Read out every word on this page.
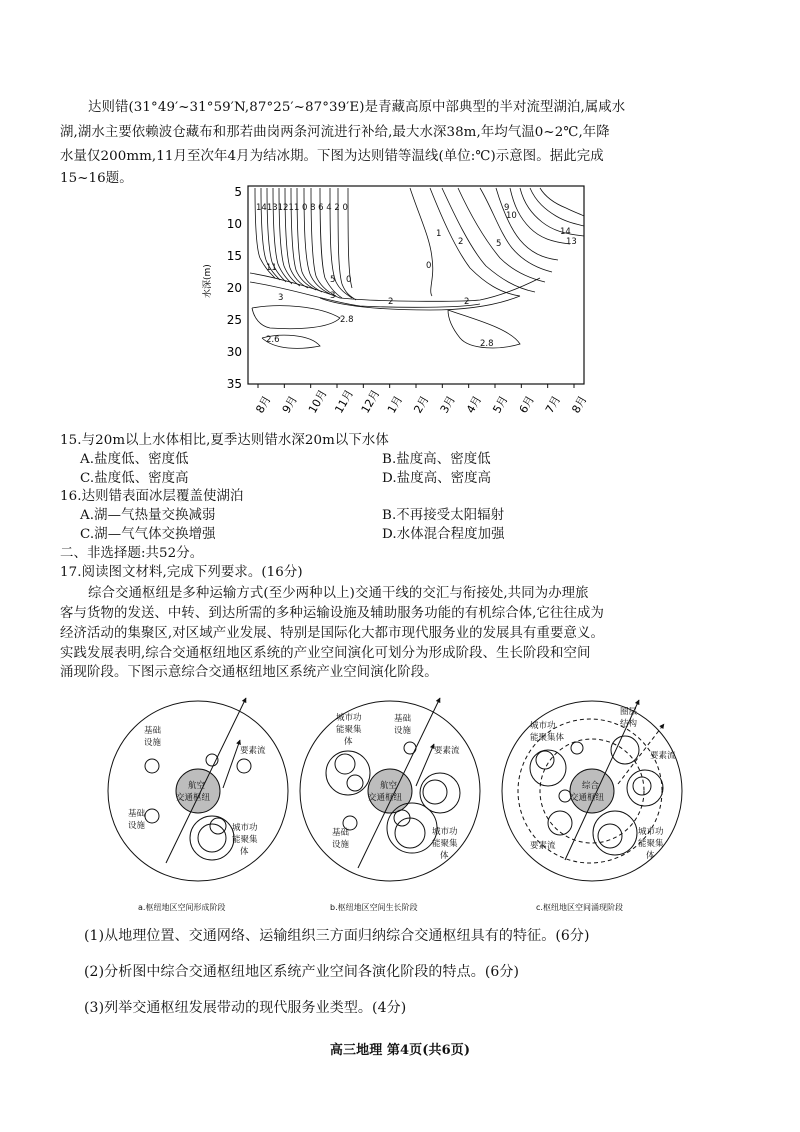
达则错(31°49′~31°59′N,87°25′~87°39′E)是青藏高原中部典型的半对流型湖泊,属咸水
湖,湖水主要依赖波仓藏布和那若曲岗两条河流进行补给,最大水深38m,年均气温0~2℃,年降
水量仅200mm,11月至次年4月为结冰期。下图为达则错等温线(单位:℃)示意图。据此完成
15~16题。
水深(m)
5
10
15
20
25
30
35
8月 9月 10月 11月 12月 1月 2月 3月 4月 5月 6月 7月 8月
14131211 0 8 6 4 2 0
11
5
3
0
3
2.8
2.6
2	2
2.8
0
1
2	5
9
10
14
13
15.与20m以上水体相比,夏季达则错水深20m以下水体
A.盐度低、密度低	B.盐度高、密度低
C.盐度低、密度高	D.盐度高、密度高
16.达则错表面冰层覆盖使湖泊
A.湖—气热量交换减弱	B.不再接受太阳辐射
C.湖—气气体交换增强	D.水体混合程度加强
二、非选择题:共52分。
17.阅读图文材料,完成下列要求。(16分)
综合交通枢纽是多种运输方式(至少两种以上)交通干线的交汇与衔接处,共同为办理旅
客与货物的发送、中转、到达所需的多种运输设施及辅助服务功能的有机综合体,它往往成为
经济活动的集聚区,对区域产业发展、特别是国际化大都市现代服务业的发展具有重要意义。
实践发展表明,综合交通枢纽地区系统的产业空间演化可划分为形成阶段、生长阶段和空间
涌现阶段。下图示意综合交通枢纽地区系统产业空间演化阶段。
航空
交通枢纽
基础
设施
基础
设施
要素流
城市功
能聚集
体
a.枢纽地区空间形成阶段
航空
交通枢纽
城市功
能聚集
体
基础
设施
基础
设施
要素流
城市功
能聚集
体
b.枢纽地区空间生长阶段
综合
交通枢纽
圈层
结构
城市功
能聚集体
要素流
要素流
城市功
能聚集
体
c.枢纽地区空间涌现阶段
(1)从地理位置、交通网络、运输组织三方面归纳综合交通枢纽具有的特征。(6分)
(2)分析图中综合交通枢纽地区系统产业空间各演化阶段的特点。(6分)
(3)列举交通枢纽发展带动的现代服务业类型。(4分)
高三地理 第4页(共6页)
